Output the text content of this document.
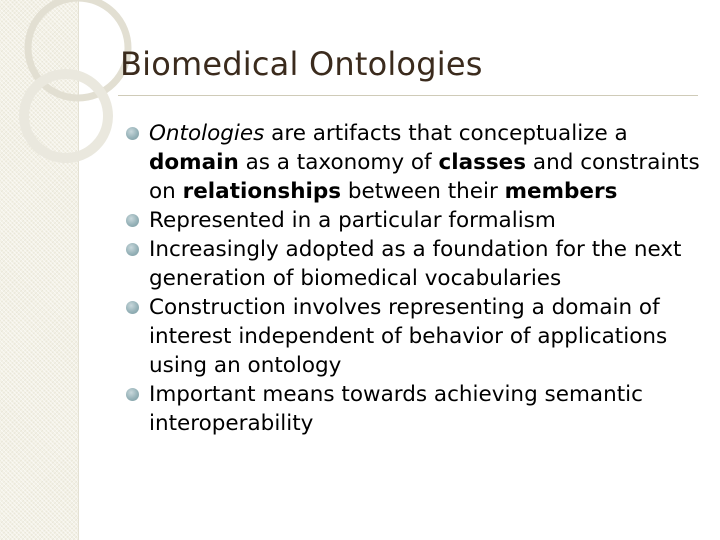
Biomedical Ontologies
Ontologies are artifacts that conceptualize a domain as a taxonomy of classes and constraints on relationships between their members
Represented in a particular formalism
Increasingly adopted as a foundation for the next generation of biomedical vocabularies
Construction involves representing a domain of interest independent of behavior of applications using an ontology
Important means towards achieving semantic interoperability
